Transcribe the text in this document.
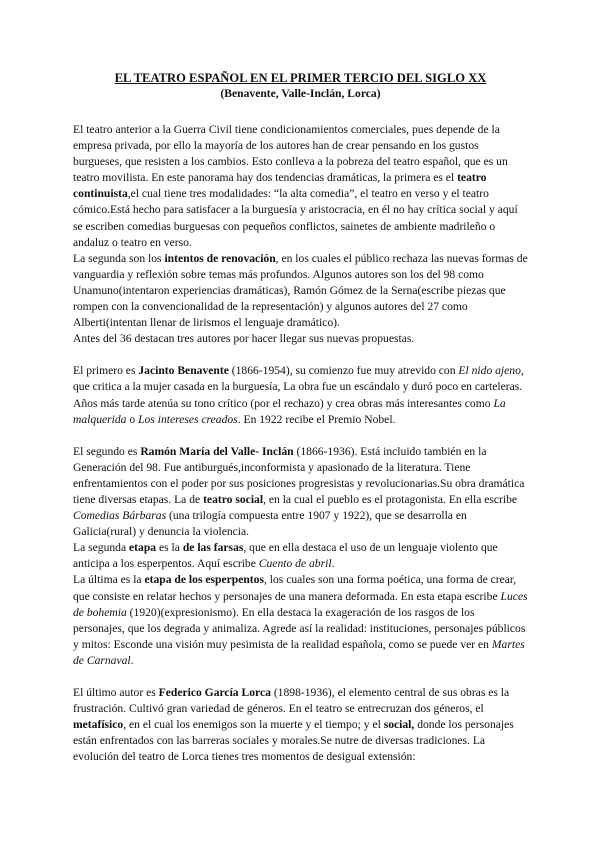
EL TEATRO ESPAÑOL EN EL PRIMER TERCIO DEL SIGLO XX

(Benavente, Valle-Inclán, Lorca)

El teatro anterior a la Guerra Civil tiene condicionamientos comerciales, pues depende de la empresa privada, por ello la mayoría de los autores han de crear pensando en los gustos burgueses, que resisten a los cambios. Esto conlleva a la pobreza del teatro español, que es un teatro movilista. En este panorama hay dos tendencias dramáticas, la primera es el teatro continuista,el cual tiene tres modalidades: “la alta comedia”, el teatro en verso y el teatro cómico.Está hecho para satisfacer a la burguesía y aristocracia, en él no hay crítica social y aquí se escriben comedias burguesas con pequeños conflictos, sainetes de ambiente madrileño o andaluz o teatro en verso.

La segunda son los intentos de renovación, en los cuales el público rechaza las nuevas formas de vanguardia y reflexión sobre temas más profundos. Algunos autores son los del 98 como Unamuno(intentaron experiencias dramáticas), Ramón Gómez de la Serna(escribe piezas que rompen con la convencionalidad de la representación) y algunos autores del 27 como Alberti(intentan llenar de lirismos el lenguaje dramático).

Antes del 36 destacan tres autores por hacer llegar sus nuevas propuestas.

El primero es Jacinto Benavente (1866-1954), su comienzo fue muy atrevido con El nido ajeno, que critica a la mujer casada en la burguesía, La obra fue un escándalo y duró poco en carteleras. Años más tarde atenúa su tono crítico (por el rechazo) y crea obras más interesantes como La malquerida o Los intereses creados. En 1922 recibe el Premio Nobel.

El segundo es Ramón María del Valle- Inclán (1866-1936). Está incluido también en la Generación del 98. Fue antiburgués,inconformista y apasionado de la literatura. Tiene enfrentamientos con el poder por sus posiciones progresistas y revolucionarias.Su obra dramática tiene diversas etapas. La de teatro social, en la cual el pueblo es el protagonista. En ella escribe Comedias Bárbaras (una trilogía compuesta entre 1907 y 1922), que se desarrolla en Galicia(rural) y denuncia la violencia.

La segunda etapa es la de las farsas, que en ella destaca el uso de un lenguaje violento que anticipa a los esperpentos. Aquí escribe Cuento de abril.

La última es la etapa de los esperpentos, los cuales son una forma poética, una forma de crear, que consiste en relatar hechos y personajes de una manera deformada. En esta etapa escribe Luces de bohemia (1920)(expresionismo). En ella destaca la exageración de los rasgos de los personajes, que los degrada y animaliza. Agrede así la realidad: instituciones, personajes públicos y mitos: Esconde una visión muy pesimista de la realidad española, como se puede ver en Martes de Carnaval.

El último autor es Federico García Lorca (1898-1936), el elemento central de sus obras es la frustración. Cultivó gran variedad de géneros. En el teatro se entrecruzan dos géneros, el metafísico, en el cual los enemigos son la muerte y el tiempo; y el social, donde los personajes están enfrentados con las barreras sociales y morales.Se nutre de diversas tradiciones. La evolución del teatro de Lorca tienes tres momentos de desigual extensión:
